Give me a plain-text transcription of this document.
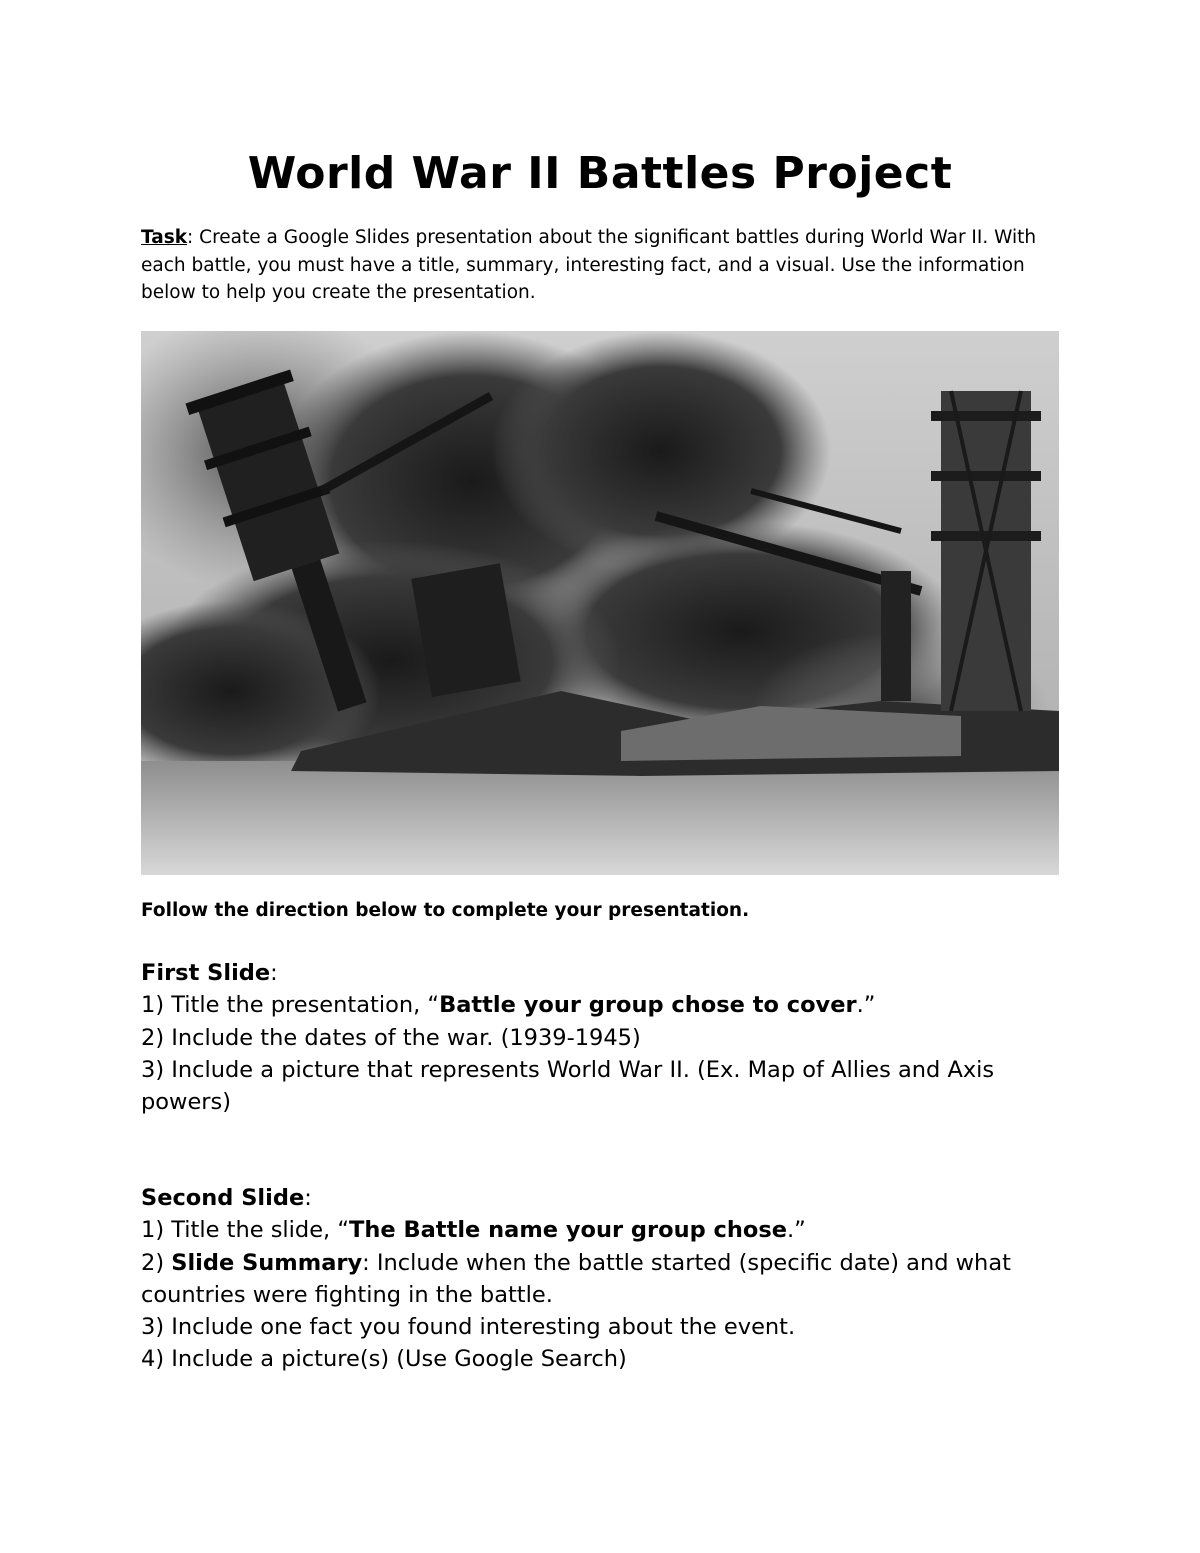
World War II Battles Project
Task: Create a Google Slides presentation about the significant battles during World War II. With each battle, you must have a title, summary, interesting fact, and a visual. Use the information below to help you create the presentation.
Follow the direction below to complete your presentation.
First Slide:

1) Title the presentation, “Battle your group chose to cover.”

2) Include the dates of the war. (1939-1945)

3) Include a picture that represents World War II. (Ex. Map of Allies and Axis powers)

Second Slide:

1) Title the slide, “The Battle name your group chose.”

2) Slide Summary: Include when the battle started (specific date) and what countries were fighting in the battle.

3) Include one fact you found interesting about the event.

4) Include a picture(s) (Use Google Search)
